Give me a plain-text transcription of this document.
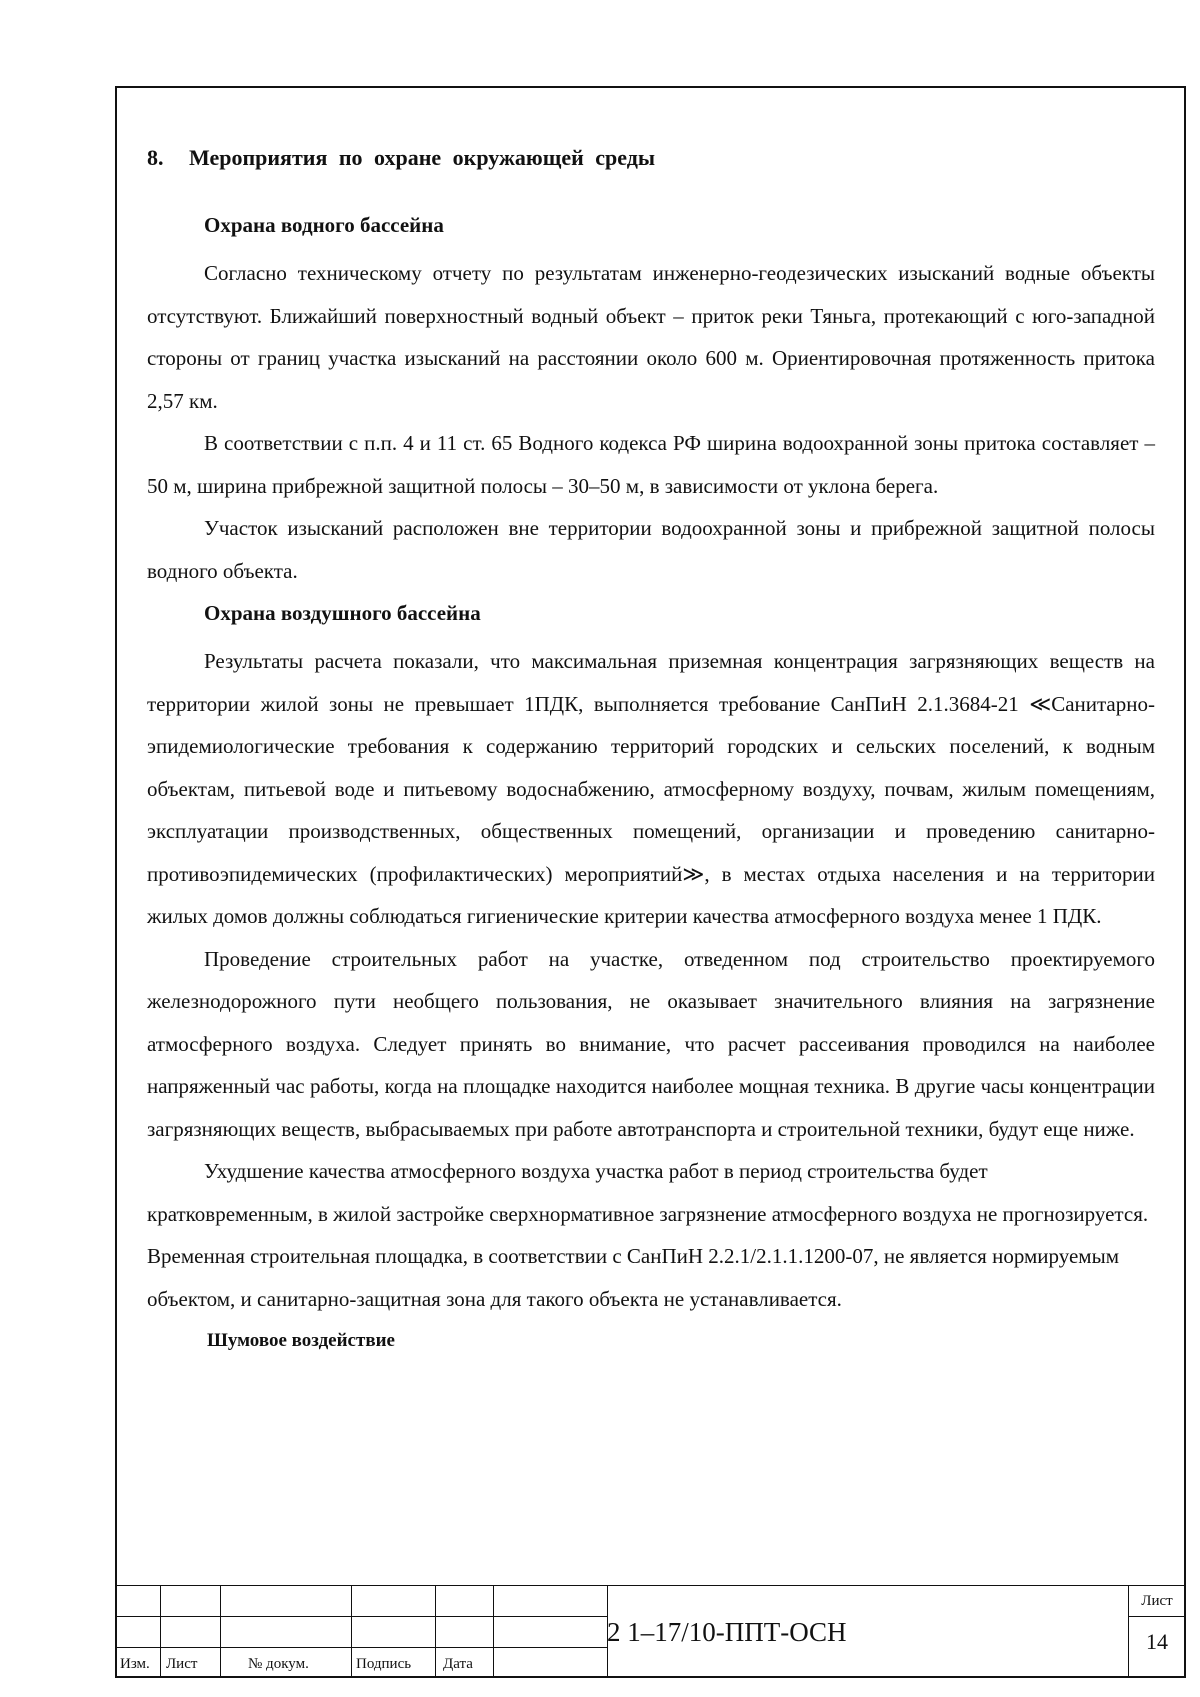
8. Мероприятия по охране окружающей среды
Охрана водного бассейна

Согласно техническому отчету по результатам инженерно-геодезических изысканий водные объекты отсутствуют. Ближайший поверхностный водный объект – приток реки Тяньга, протекающий с юго-западной стороны от границ участка изысканий на расстоянии около 600 м. Ориентировочная протяженность притока 2,57 км.

В соответствии с п.п. 4 и 11 ст. 65 Водного кодекса РФ ширина водоохранной зоны притока составляет – 50 м, ширина прибрежной защитной полосы – 30–50 м, в зависимости от уклона берега.

Участок изысканий расположен вне территории водоохранной зоны и прибрежной защитной полосы водного объекта.

Охрана воздушного бассейна

Результаты расчета показали, что максимальная приземная концентрация загрязняющих веществ на территории жилой зоны не превышает 1ПДК, выполняется требование СанПиН 2.1.3684-21 ≪Санитарно-эпидемиологические требования к содержанию территорий городских и сельских поселений, к водным объектам, питьевой воде и питьевому водоснабжению, атмосферному воздуху, почвам, жилым помещениям, эксплуатации производственных, общественных помещений, организации и проведению санитарно-противоэпидемических (профилактических) мероприятий≫, в местах отдыха населения и на территории жилых домов должны соблюдаться гигиенические критерии качества атмосферного воздуха менее 1 ПДК.

Проведение строительных работ на участке, отведенном под строительство проектируемого железнодорожного пути необщего пользования, не оказывает значительного влияния на загрязнение атмосферного воздуха. Следует принять во внимание, что расчет рассеивания проводился на наиболее напряженный час работы, когда на площадке находится наиболее мощная техника. В другие часы концентрации загрязняющих веществ, выбрасываемых при работе автотранспорта и строительной техники, будут еще ниже.

Ухудшение качества атмосферного воздуха участка работ в период строительства будет кратковременным, в жилой застройке сверхнормативное загрязнение атмосферного воздуха не прогнозируется. Временная строительная площадка, в соответствии с СанПиН 2.2.1/2.1.1.1200-07, не является нормируемым объектом, и санитарно-защитная зона для такого объекта не устанавливается.

Шумовое воздействие
Изм. Лист	№ докум.	Подпись Дата
2 1–17/10-ППТ-ОСН
Лист
14
